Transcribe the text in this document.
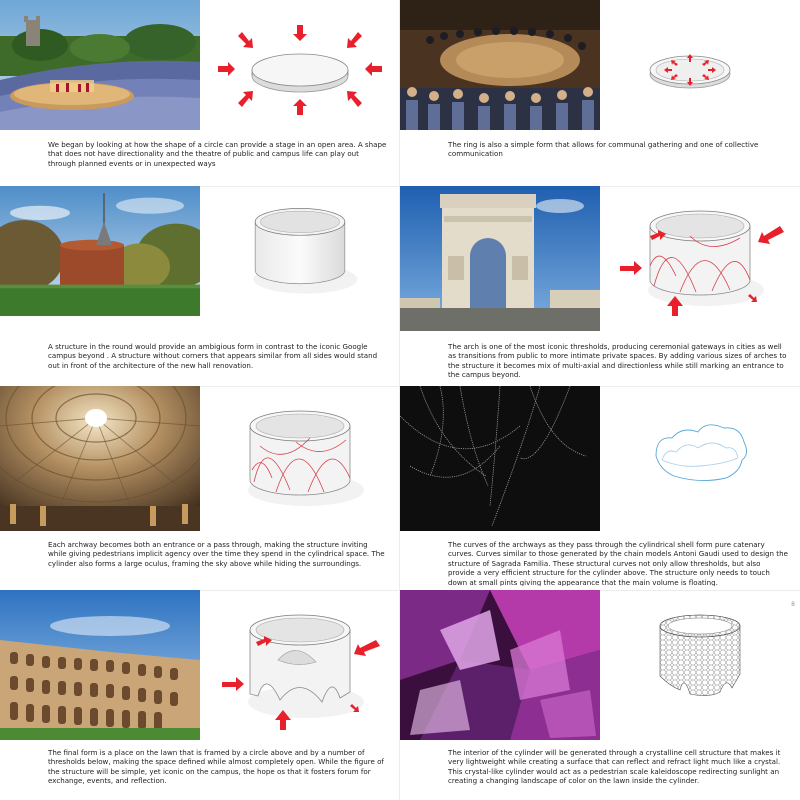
We began by looking at how the shape of a circle can provide a stage in an open area. A shape that does not have directionality and the theatre of public and campus life can play out through planned events or in unexpected ways
The ring is also a simple form that allows for communal gathering and one of collective communication
A structure in the round would provide an ambigious form in contrast to the iconic Google campus beyond . A structure without corners that appears similar from all sides would stand out in front of the architecture of the new hall renovation.
The arch is one of the most iconic thresholds, producing ceremonial gateways in cities as well as transitions from public to more intimate private spaces. By adding various sizes of arches to the structure it becomes mix of multi-axial and directionless while still marking an entrance to the campus beyond.
Each archway becomes both an entrance or a pass through, making the structure inviting while giving pedestrians implicit agency over the time they spend in the cylindrical space. The cylinder also forms a large oculus, framing the sky above while hiding the surroundings.
The curves of the archways as they pass through the cylindrical shell form pure catenary curves. Curves similar to those generated by the chain models Antoni Gaudi used to design the structure of Sagrada Familia. These structural curves not only allow thresholds, but also provide a very efficient structure for the cylinder above. The structure only needs to touch down at small pints giving the appearance that the main volume is floating.
The final form is a place on the lawn that is framed by a circle above and by a number of thresholds below, making the space defined while almost completely open. While the figure of the structure will be simple, yet iconic on the campus, the hope os that it fosters forum for exchange, events, and reflection.
The interior of the cylinder will be generated through a crystalline cell structure that makes it very lightweight while creating a surface that can reflect and refract light much like a crystal. This crystal-like cylinder would act as a pedestrian scale kaleidoscope redirecting sunlight an creating a changing landscape of color on the lawn inside the cylinder.
8
